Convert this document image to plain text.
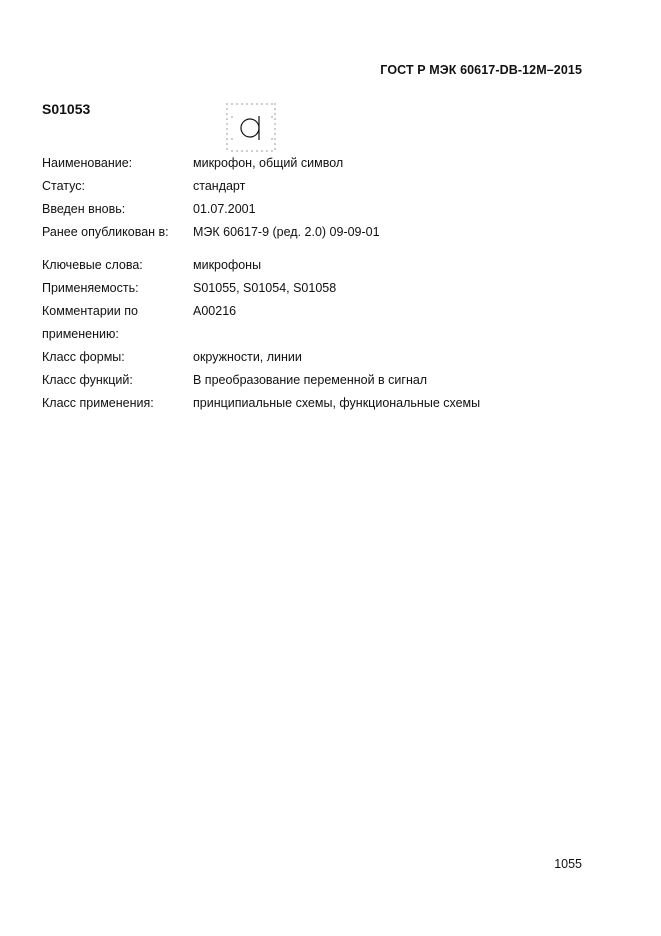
ГОСТ Р МЭК 60617-DB-12M–2015
S01053
Наименование:	микрофон, общий символ
Статус:	стандарт
Введен вновь:	01.07.2001
Ранее опубликован в:	МЭК 60617-9 (ред. 2.0) 09-09-01
Ключевые слова:	микрофоны
Применяемость:	S01055, S01054, S01058
Комментарии по	A00216
применению:
Класс формы:	окружности, линии
Класс функций:	В преобразование переменной в сигнал
Класс применения:	принципиальные схемы, функциональные схемы
1055
